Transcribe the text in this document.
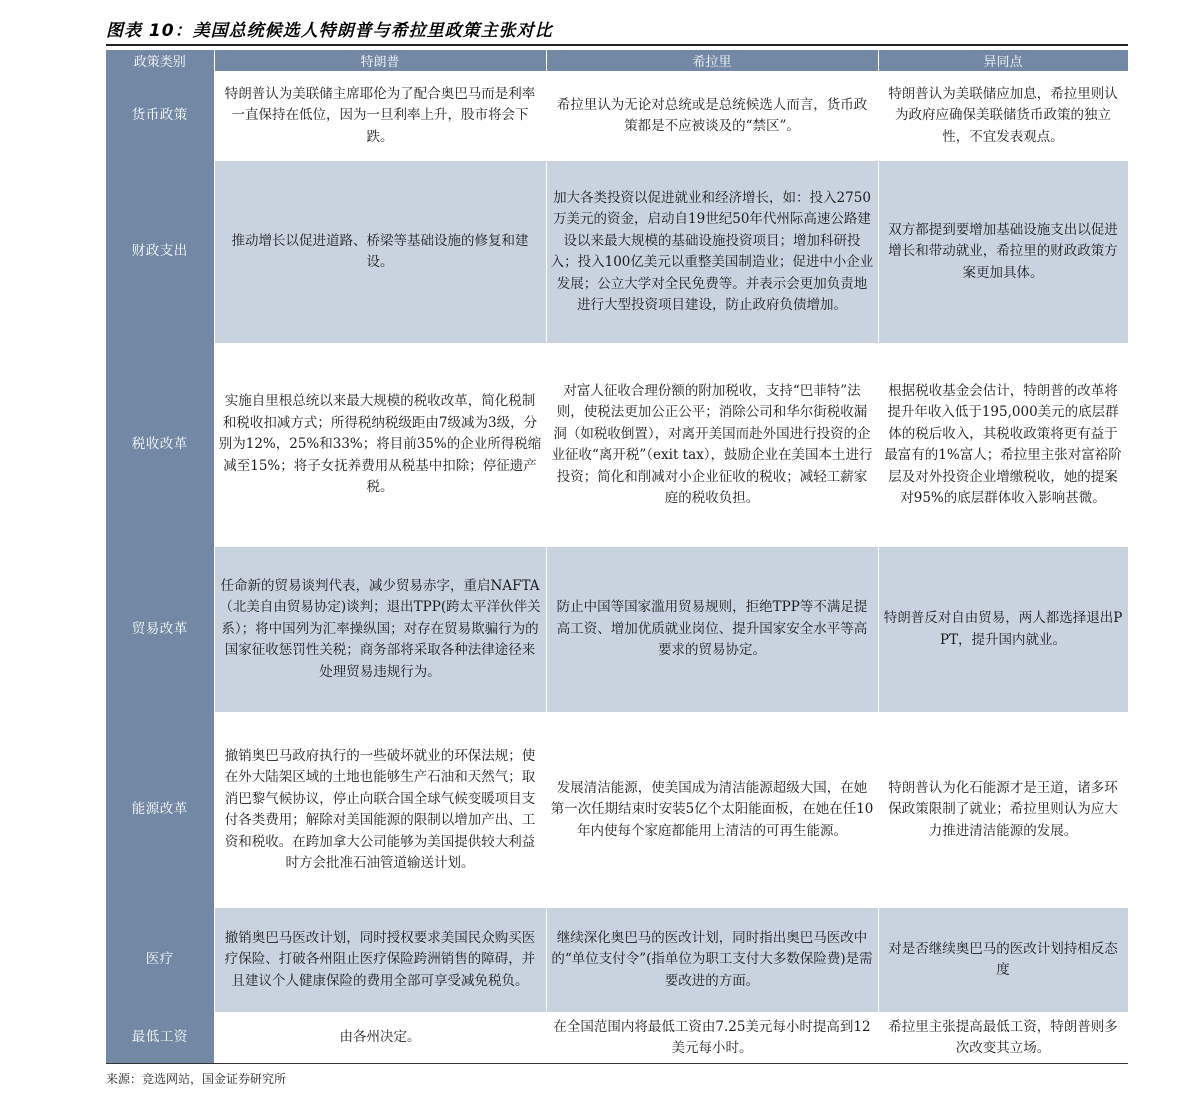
图表 10：美国总统候选人特朗普与希拉里政策主张对比
政策类别	特朗普	希拉里	异同点
货币政策	特朗普认为美联储主席耶伦为了配合奥巴马而是利率一直保持在低位，因为一旦利率上升，股市将会下跌。	希拉里认为无论对总统或是总统候选人而言，货币政策都是不应被谈及的“禁区”。	特朗普认为美联储应加息，希拉里则认为政府应确保美联储货币政策的独立性，不宜发表观点。
财政支出	推动增长以促进道路、桥梁等基础设施的修复和建设。	加大各类投资以促进就业和经济增长，如：投入2750万美元的资金，启动自19世纪50年代州际高速公路建设以来最大规模的基础设施投资项目；增加科研投入；投入100亿美元以重整美国制造业；促进中小企业发展；公立大学对全民免费等。并表示会更加负责地进行大型投资项目建设，防止政府负债增加。	双方都提到要增加基础设施支出以促进增长和带动就业，希拉里的财政政策方案更加具体。
税收改革	实施自里根总统以来最大规模的税收改革，简化税制和税收扣减方式；所得税纳税级距由7级减为3级，分别为12%，25%和33%；将目前35%的企业所得税缩减至15%；将子女抚养费用从税基中扣除；停征遗产税。	对富人征收合理份额的附加税收，支持“巴菲特”法则，使税法更加公正公平；消除公司和华尔街税收漏洞（如税收倒置），对离开美国而赴外国进行投资的企业征收“离开税”（exit tax），鼓励企业在美国本土进行投资；简化和削减对小企业征收的税收；减轻工薪家庭的税收负担。	根据税收基金会估计，特朗普的改革将提升年收入低于195,000美元的底层群体的税后收入，其税收政策将更有益于最富有的1%富人；希拉里主张对富裕阶层及对外投资企业增缴税收，她的提案对95%的底层群体收入影响甚微。
贸易改革	任命新的贸易谈判代表，减少贸易赤字，重启NAFTA（北美自由贸易协定)谈判；退出TPP(跨太平洋伙伴关系）；将中国列为汇率操纵国；对存在贸易欺骗行为的国家征收惩罚性关税；商务部将采取各种法律途径来处理贸易违规行为。	防止中国等国家滥用贸易规则，拒绝TPP等不满足提高工资、增加优质就业岗位、提升国家安全水平等高要求的贸易协定。	特朗普反对自由贸易，两人都选择退出PPT，提升国内就业。
能源改革	撤销奥巴马政府执行的一些破坏就业的环保法规；使在外大陆架区域的土地也能够生产石油和天然气；取消巴黎气候协议，停止向联合国全球气候变暖项目支付各类费用；解除对美国能源的限制以增加产出、工资和税收。在跨加拿大公司能够为美国提供较大利益时方会批准石油管道输送计划。	发展清洁能源，使美国成为清洁能源超级大国，在她第一次任期结束时安装5亿个太阳能面板，在她在任10年内使每个家庭都能用上清洁的可再生能源。	特朗普认为化石能源才是王道，诸多环保政策限制了就业；希拉里则认为应大力推进清洁能源的发展。
医疗	撤销奥巴马医改计划，同时授权要求美国民众购买医疗保险、打破各州阻止医疗保险跨洲销售的障碍，并且建议个人健康保险的费用全部可享受减免税负。	继续深化奥巴马的医改计划，同时指出奥巴马医改中的“单位支付令”(指单位为职工支付大多数保险费)是需要改进的方面。	对是否继续奥巴马的医改计划持相反态度
最低工资	由各州决定。	在全国范围内将最低工资由7.25美元每小时提高到12美元每小时。	希拉里主张提高最低工资，特朗普则多次改变其立场。
来源：竞选网站，国金证券研究所
